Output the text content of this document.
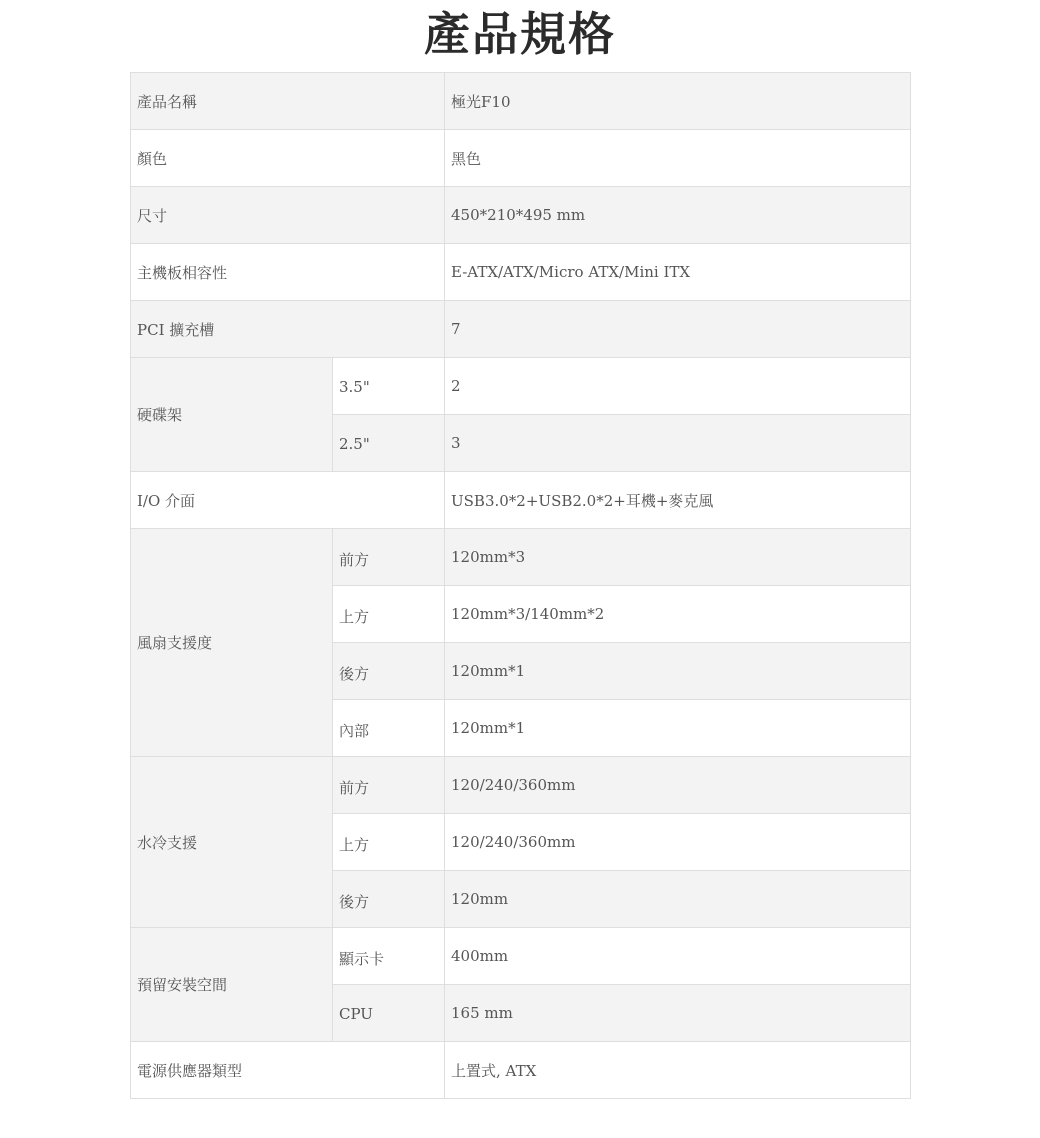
產品規格
產品名稱		極光F10
顏色		黑色
尺寸		450*210*495 mm
主機板相容性		E-ATX/ATX/Micro ATX/Mini ITX
PCI 擴充槽		7
硬碟架	3.5"	2
	2.5"	3
I/O 介面		USB3.0*2+USB2.0*2+耳機+麥克風
風扇支援度	前方	120mm*3
	上方	120mm*3/140mm*2
	後方	120mm*1
	內部	120mm*1
水冷支援	前方	120/240/360mm
	上方	120/240/360mm
	後方	120mm
預留安裝空間	顯示卡	400mm
	CPU	165 mm
電源供應器類型		上置式, ATX
